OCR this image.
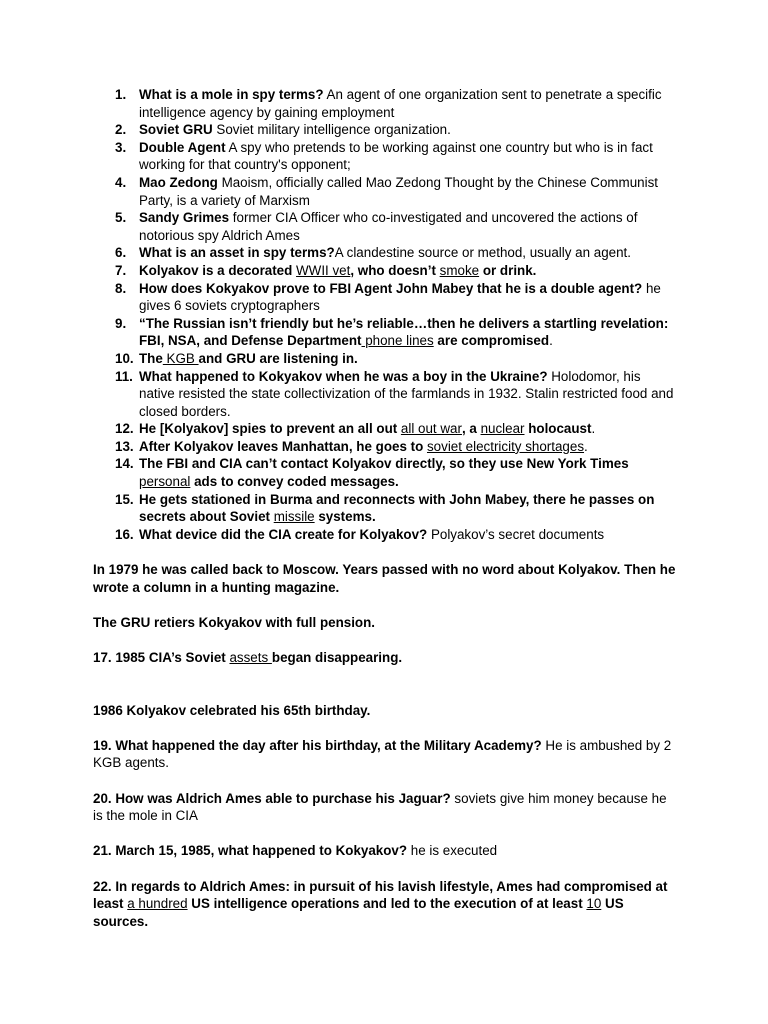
1. What is a mole in spy terms? An agent of one organization sent to penetrate a specific intelligence agency by gaining employment
2. Soviet GRU Soviet military intelligence organization.
3. Double Agent A spy who pretends to be working against one country but who is in fact working for that country's opponent;
4. Mao Zedong Maoism, officially called Mao Zedong Thought by the Chinese Communist Party, is a variety of Marxism
5. Sandy Grimes former CIA Officer who co-investigated and uncovered the actions of notorious spy Aldrich Ames
6. What is an asset in spy terms?A clandestine source or method, usually an agent.
7. Kolyakov is a decorated WWII vet, who doesn’t smoke or drink.
8. How does Kokyakov prove to FBI Agent John Mabey that he is a double agent? he gives 6 soviets cryptographers
9. “The Russian isn’t friendly but he’s reliable…then he delivers a startling revelation: FBI, NSA, and Defense Department phone lines are compromised.
10. The KGB and GRU are listening in.
11. What happened to Kokyakov when he was a boy in the Ukraine? Holodomor, his native resisted the state collectivization of the farmlands in 1932. Stalin restricted food and closed borders.
12. He [Kolyakov] spies to prevent an all out all out war, a nuclear holocaust.
13. After Kolyakov leaves Manhattan, he goes to soviet electricity shortages.
14. The FBI and CIA can’t contact Kolyakov directly, so they use New York Times personal ads to convey coded messages.
15. He gets stationed in Burma and reconnects with John Mabey, there he passes on secrets about Soviet missile systems.
16. What device did the CIA create for Kolyakov? Polyakov’s secret documents

In 1979 he was called back to Moscow. Years passed with no word about Kolyakov. Then he wrote a column in a hunting magazine.

The GRU retiers Kokyakov with full pension.

17. 1985 CIA’s Soviet assets began disappearing.

1986 Kolyakov celebrated his 65th birthday.

19. What happened the day after his birthday, at the Military Academy? He is ambushed by 2 KGB agents.

20. How was Aldrich Ames able to purchase his Jaguar? soviets give him money because he is the mole in CIA

21. March 15, 1985, what happened to Kokyakov? he is executed

22. In regards to Aldrich Ames: in pursuit of his lavish lifestyle, Ames had compromised at least a hundred US intelligence operations and led to the execution of at least 10 US sources.
